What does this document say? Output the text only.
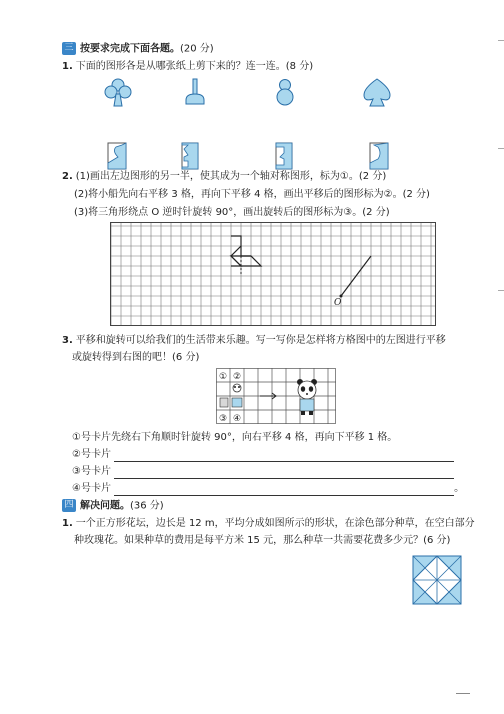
三 按要求完成下面各题。(20 分)
1. 下面的图形各是从哪张纸上剪下来的？连一连。(8 分)
2. (1)画出左边图形的另一半，使其成为一个轴对称图形，标为①。(2 分)
(2)将小船先向右平移 3 格，再向下平移 4 格，画出平移后的图形标为②。(2 分)
(3)将三角形绕点 O 逆时针旋转 90°，画出旋转后的图形标为③。(2 分)
O
3. 平移和旋转可以给我们的生活带来乐趣。写一写你是怎样将方格图中的左图进行平移
或旋转得到右图的吧！(6 分)
① ②
③ ④
①号卡片先绕右下角顺时针旋转 90°，向右平移 4 格，再向下平移 1 格。
②号卡片
③号卡片
④号卡片	。
四 解决问题。(36 分)
1. 一个正方形花坛，边长是 12 m，平均分成如图所示的形状，在涂色部分种草，在空白部分
种玫瑰花。如果种草的费用是每平方米 15 元，那么种草一共需要花费多少元？(6 分)
